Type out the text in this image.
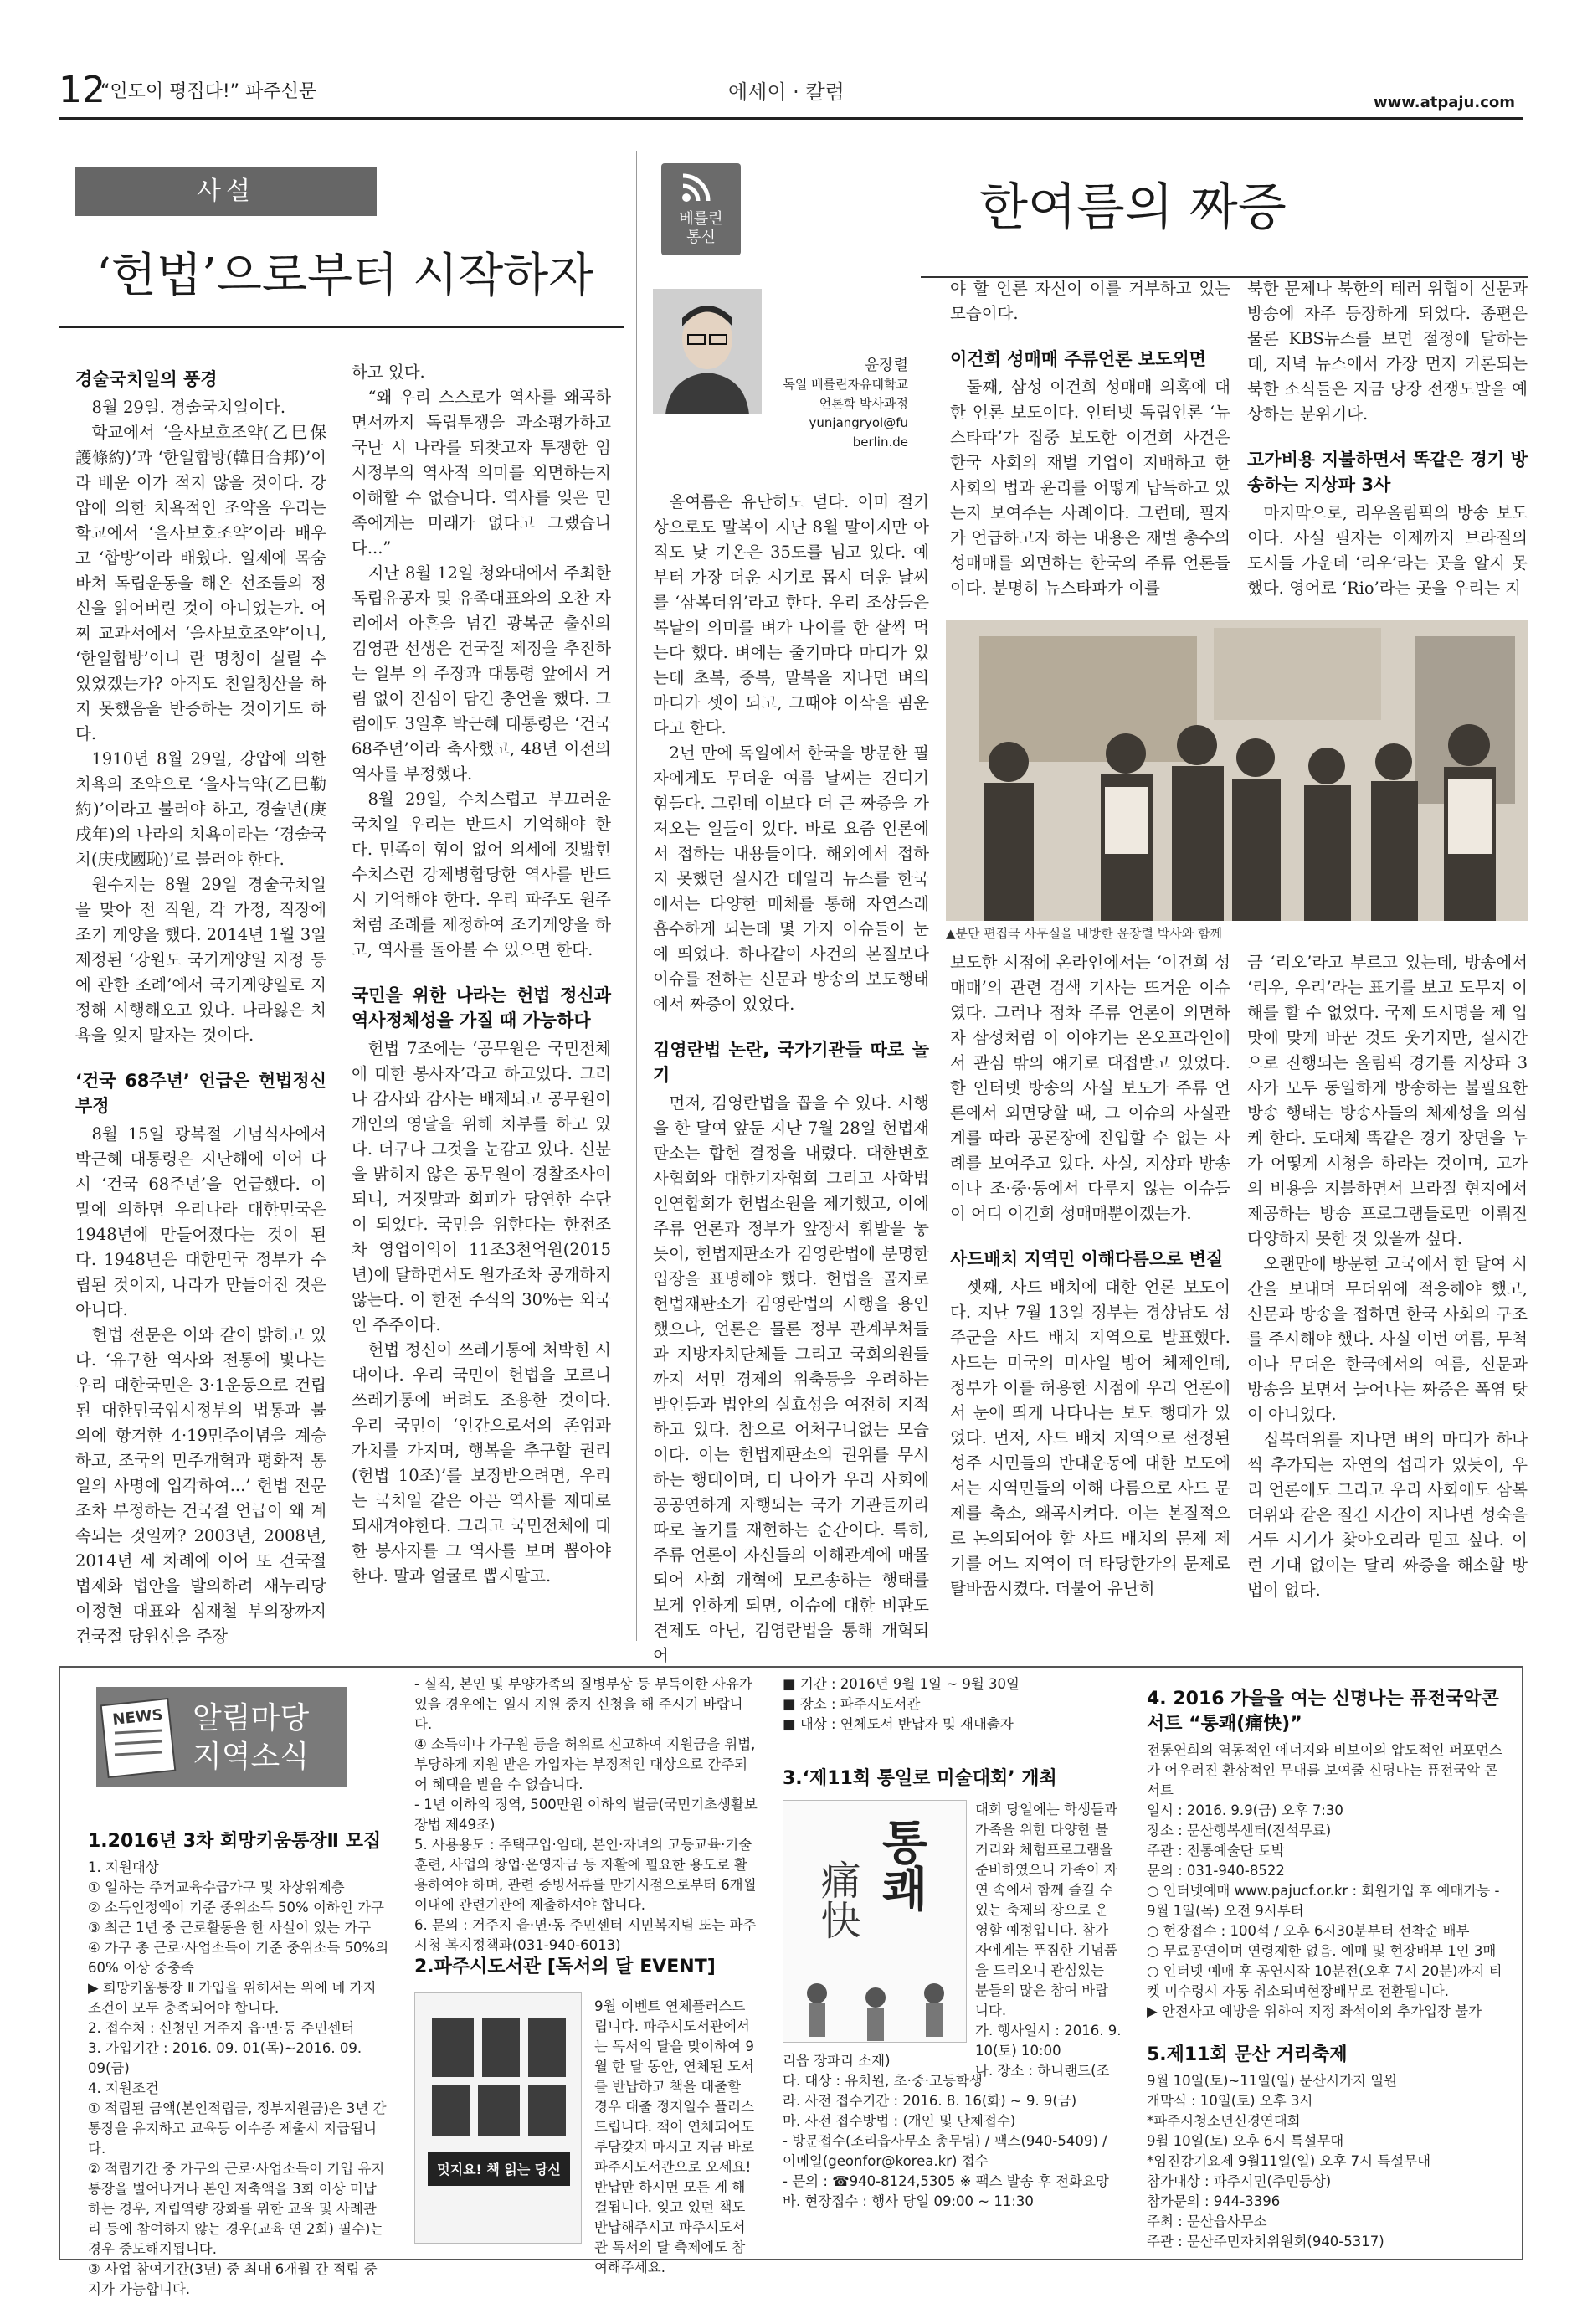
12
“인도이 평집다!” 파주신문	에세이 · 칼럼	www.atpaju.com
사설
‘헌법’으로부터 시작하자
경술국치일의 풍경

8월 29일. 경술국치일이다.

학교에서 ‘을사보호조약(乙巳保護條約)’과 ‘한일합방(韓日合邦)’이라 배운 이가 적지 않을 것이다. 강압에 의한 치욕적인 조약을 우리는 학교에서 ‘을사보호조약’이라 배우고 ‘합방’이라 배웠다. 일제에 목숨 바쳐 독립운동을 해온 선조들의 정신을 읽어버린 것이 아니었는가. 어찌 교과서에서 ‘을사보호조약’이니, ‘한일합방’이니 란 명칭이 실릴 수 있었겠는가? 아직도 친일청산을 하지 못했음을 반증하는 것이기도 하다.

1910년 8월 29일, 강압에 의한 치욕의 조약으로 ‘을사늑약(乙巳勒約)’이라고 불러야 하고, 경술년(庚戌年)의 나라의 치욕이라는 ‘경술국치(庚戌國恥)’로 불러야 한다.

원수지는 8월 29일 경술국치일을 맞아 전 직원, 각 가정, 직장에 조기 게양을 했다. 2014년 1월 3일 제정된 ‘강원도 국기게양일 지정 등에 관한 조례’에서 국기게양일로 지정해 시행해오고 있다. 나라잃은 치욕을 잊지 말자는 것이다.

‘건국 68주년’ 언급은 헌법정신 부정

8월 15일 광복절 기념식사에서 박근혜 대통령은 지난해에 이어 다시 ‘건국 68주년’을 언급했다. 이 말에 의하면 우리나라 대한민국은 1948년에 만들어졌다는 것이 된다. 1948년은 대한민국 정부가 수립된 것이지, 나라가 만들어진 것은 아니다.

헌법 전문은 이와 같이 밝히고 있다. ‘유구한 역사와 전통에 빛나는 우리 대한국민은 3·1운동으로 건립된 대한민국임시정부의 법통과 불의에 항거한 4·19민주이념을 계승하고, 조국의 민주개혁과 평화적 통일의 사명에 입각하여...’ 헌법 전문조차 부정하는 건국절 언급이 왜 계속되는 것일까? 2003년, 2008년, 2014년 세 차례에 이어 또 건국절 법제화 법안을 발의하려 새누리당 이정현 대표와 심재철 부의장까지 건국절 당원신을 주장

하고 있다.

“왜 우리 스스로가 역사를 왜곡하면서까지 독립투쟁을 과소평가하고 국난 시 나라를 되찾고자 투쟁한 임시정부의 역사적 의미를 외면하는지 이해할 수 없습니다. 역사를 잊은 민족에게는 미래가 없다고 그랬습니다...”

지난 8월 12일 청와대에서 주최한 독립유공자 및 유족대표와의 오찬 자리에서 아흔을 넘긴 광복군 출신의 김영관 선생은 건국절 제정을 추진하는 일부 의 주장과 대통령 앞에서 거림 없이 진심이 담긴 충언을 했다. 그럼에도 3일후 박근혜 대통령은 ‘건국 68주년’이라 축사했고, 48년 이전의 역사를 부정했다.

8월 29일, 수치스럽고 부끄러운 국치일 우리는 반드시 기억해야 한다. 민족이 힘이 없어 외세에 짓밟힌 수치스런 강제병합당한 역사를 반드시 기억해야 한다. 우리 파주도 원주처럼 조례를 제정하여 조기게양을 하고, 역사를 돌아볼 수 있으면 한다.

국민을 위한 나라는 헌법 정신과 역사정체성을 가질 때 가능하다

헌법 7조에는 ‘공무원은 국민전체에 대한 봉사자’라고 하고있다. 그러나 감사와 감사는 배제되고 공무원이 개인의 영달을 위해 치부를 하고 있다. 더구나 그것을 눈감고 있다. 신분을 밝히지 않은 공무원이 경찰조사이 되니, 거짓말과 회피가 당연한 수단이 되었다. 국민을 위한다는 한전조차 영업이익이 11조3천억원(2015년)에 달하면서도 원가조차 공개하지 않는다. 이 한전 주식의 30%는 외국인 주주이다.

헌법 정신이 쓰레기통에 처박힌 시대이다. 우리 국민이 헌법을 모르니 쓰레기통에 버려도 조용한 것이다. 우리 국민이 ‘인간으로서의 존엄과 가치를 가지며, 행복을 추구할 권리(헌법 10조)’를 보장받으려면, 우리는 국치일 같은 아픈 역사를 제대로 되새겨야한다. 그리고 국민전체에 대한 봉사자를 그 역사를 보며 뽑아야 한다. 말과 얼굴로 뽑지말고.

베를린
통신
한여름의 짜증
윤장렬
독일 베를린자유대학교
언론학 박사과정
yunjangryol@fu berlin.de

올여름은 유난히도 덛다. 이미 절기상으로도 말복이 지난 8월 말이지만 아직도 낮 기온은 35도를 넘고 있다. 예부터 가장 더운 시기로 몹시 더운 날씨를 ‘삼복더위’라고 한다. 우리 조상들은 복날의 의미를 벼가 나이를 한 살씩 먹는다 했다. 벼에는 줄기마다 마디가 있는데 초복, 중복, 말복을 지나면 벼의 마디가 셋이 되고, 그때야 이삭을 핌운다고 한다.

2년 만에 독일에서 한국을 방문한 필자에게도 무더운 여름 날씨는 견디기 힘들다. 그런데 이보다 더 큰 짜증을 가져오는 일들이 있다. 바로 요즘 언론에서 접하는 내용들이다. 해외에서 접하지 못했던 실시간 데일리 뉴스를 한국에서는 다양한 매체를 통해 자연스레 흡수하게 되는데 몇 가지 이슈들이 눈에 띄었다. 하나같이 사건의 본질보다 이슈를 전하는 신문과 방송의 보도행태에서 짜증이 있었다.

김영란법 논란, 국가기관들 따로 놀기

먼저, 김영란법을 꼽을 수 있다. 시행을 한 달여 앞둔 지난 7월 28일 헌법재판소는 합헌 결정을 내렸다. 대한변호사협회와 대한기자협회 그리고 사학법인연합회가 헌법소원을 제기했고, 이에 주류 언론과 정부가 앞장서 휘발을 놓듯이, 헌법재판소가 김영란법에 분명한 입장을 표명해야 했다. 헌법을 골자로 헌법재판소가 김영란법의 시행을 용인했으나, 언론은 물론 정부 관계부처들과 지방자치단체들 그리고 국회의원들까지 서민 경제의 위축등을 우려하는 발언들과 법안의 실효성을 여전히 지적하고 있다. 참으로 어처구니없는 모습이다. 이는 헌법재판소의 권위를 무시하는 행태이며, 더 나아가 우리 사회에 공공연하게 자행되는 국가 기관들끼리 따로 놀기를 재현하는 순간이다. 특히, 주류 언론이 자신들의 이해관계에 매몰되어 사회 개혁에 모르송하는 행태를 보게 인하게 되면, 이슈에 대한 비판도 견제도 아닌, 김영란법을 통해 개혁되어

야 할 언론 자신이 이를 거부하고 있는 모습이다.

이건희 성매매 주류언론 보도외면

둘째, 삼성 이건희 성매매 의혹에 대한 언론 보도이다. 인터넷 독립언론 ‘뉴스타파’가 집중 보도한 이건희 사건은 한국 사회의 재벌 기업이 지배하고 한 사회의 법과 윤리를 어떻게 납득하고 있는지 보여주는 사례이다. 그런데, 필자가 언급하고자 하는 내용은 재벌 총수의 성매매를 외면하는 한국의 주류 언론들이다. 분명히 뉴스타파가 이를

북한 문제나 북한의 테러 위협이 신문과 방송에 자주 등장하게 되었다. 종편은 물론 KBS뉴스를 보면 절정에 달하는데, 저녁 뉴스에서 가장 먼저 거론되는 북한 소식들은 지금 당장 전쟁도발을 예상하는 분위기다.

고가비용 지불하면서 똑같은 경기 방송하는 지상파 3사

마지막으로, 리우올림픽의 방송 보도이다. 사실 필자는 이제까지 브라질의 도시들 가운데 ‘리우’라는 곳을 알지 못했다. 영어로 ‘Rio’라는 곳을 우리는 지

▲분단 편집국 사무실을 내방한 윤장렬 박사와 함께

보도한 시점에 온라인에서는 ‘이건희 성매매’의 관련 검색 기사는 뜨거운 이슈였다. 그러나 점차 주류 언론이 외면하자 삼성처럼 이 이야기는 온오프라인에서 관심 밖의 얘기로 대접받고 있었다. 한 인터넷 방송의 사실 보도가 주류 언론에서 외면당할 때, 그 이슈의 사실관계를 따라 공론장에 진입할 수 없는 사례를 보여주고 있다. 사실, 지상파 방송이나 조·중·동에서 다루지 않는 이슈들이 어디 이건희 성매매뿐이겠는가.

사드배치 지역민 이해다름으로 변질

셋째, 사드 배치에 대한 언론 보도이다. 지난 7월 13일 정부는 경상남도 성주군을 사드 배치 지역으로 발표했다. 사드는 미국의 미사일 방어 체제인데, 정부가 이를 허용한 시점에 우리 언론에서 눈에 띄게 나타나는 보도 행태가 있었다. 먼저, 사드 배치 지역으로 선정된 성주 시민들의 반대운동에 대한 보도에서는 지역민들의 이해 다름으로 사드 문제를 축소, 왜곡시켜다. 이는 본질적으로 논의되어야 할 사드 배치의 문제 제기를 어느 지역이 더 타당한가의 문제로 탈바꿈시켰다. 더불어 유난히

금 ‘리오’라고 부르고 있는데, 방송에서 ‘리우, 우리’라는 표기를 보고 도무지 이해를 할 수 없었다. 국제 도시명을 제 입맛에 맞게 바꾼 것도 웃기지만, 실시간으로 진행되는 올림픽 경기를 지상파 3사가 모두 동일하게 방송하는 불필요한 방송 행태는 방송사들의 체제성을 의심케 한다. 도대체 똑같은 경기 장면을 누가 어떻게 시청을 하라는 것이며, 고가의 비용을 지불하면서 브라질 현지에서 제공하는 방송 프로그램들로만 이뤄진 다양하지 못한 것 있을까 싶다.

오랜만에 방문한 고국에서 한 달여 시간을 보내며 무더위에 적응해야 했고, 신문과 방송을 접하면 한국 사회의 구조를 주시해야 했다. 사실 이번 여름, 무척이나 무더운 한국에서의 여름, 신문과 방송을 보면서 늘어나는 짜증은 폭염 탓이 아니었다.

십복더위를 지나면 벼의 마디가 하나 씩 추가되는 자연의 섭리가 있듯이, 우리 언론에도 그리고 우리 사회에도 삼복더위와 같은 질긴 시간이 지나면 성숙을 거두 시기가 찾아오리라 믿고 싶다. 이런 기대 없이는 달리 짜증을 해소할 방법이 없다.

NEWS 알림마당
지역소식
1.2016년 3차 희망키움통장Ⅱ 모집
1. 지원대상
① 일하는 주거교육수급가구 및 차상위계층
② 소득인정액이 기준 중위소득 50% 이하인 가구
③ 최근 1년 중 근로활동을 한 사실이 있는 가구
④ 가구 총 근로·사업소득이 기준 중위소득 50%의 60% 이상 중충족
▶ 희망키움통장 Ⅱ 가입을 위해서는 위에 네 가지 조건이 모두 충족되어야 합니다.
2. 접수처 : 신청인 거주지 읍·면·동 주민센터
3. 가입기간 : 2016. 09. 01(목)~2016. 09. 09(금)
4. 지원조건
① 적립된 금액(본인적립금, 정부지원금)은 3년 간 통장을 유지하고 교육등 이수증 제출시 지급됩니다.
② 적립기간 중 가구의 근로·사업소득이 기입 유지 통장을 벌어나거나 본인 저축액을 3회 이상 미납하는 경우, 자립역량 강화를 위한 교육 및 사례관리 등에 참여하지 않는 경우(교육 연 2회) 필수)는 경우 중도해지됩니다.
③ 사업 참여기간(3년) 중 최대 6개월 간 적립 중지가 가능합니다.
- 실직, 본인 및 부양가족의 질병부상 등 부득이한 사유가 있을 경우에는 일시 지원 중지 신청을 해 주시기 바랍니다.
④ 소득이나 가구원 등을 허위로 신고하여 지원금을 위법, 부당하게 지원 받은 가입자는 부정적인 대상으로 간주되어 혜택을 받을 수 없습니다.
- 1년 이하의 징역, 500만원 이하의 벌금(국민기초생활보장법 제49조)
5. 사용용도 : 주택구입·임대, 본인·자녀의 고등교육·기술훈련, 사업의 창업·운영자금 등 자활에 필요한 용도로 활용하여야 하며, 관련 증빙서류를 만기시점으로부터 6개월 이내에 관련기관에 제출하셔야 합니다.
6. 문의 : 거주지 읍·면·동 주민센터 시민복지팀 또는 파주시청 복지정책과(031-940-6013)
2.파주시도서관 [독서의 달 EVENT]
멋지요! 책 읽는 당신
9월 이벤트 연체플러스드립니다. 파주시도서관에서는 독서의 달을 맞이하여 9월 한 달 동안, 연체된 도서를 반납하고 책을 대출할 경우 대출 정지일수 플러스드립니다. 책이 연체되어도 부담갖지 마시고 지금 바로 파주시도서관으로 오세요! 반납만 하시면 모든 게 해결됩니다. 잊고 있던 책도 반납해주시고 파주시도서관 독서의 달 축제에도 참여해주세요.
■ 기간 : 2016년 9월 1일 ~ 9월 30일
■ 장소 : 파주시도서관
■ 대상 : 연체도서 반납자 및 재대출자
3.‘제11회 통일로 미술대회’ 개최
통쾌
痛快
대회 당일에는 학생들과 가족을 위한 다양한 불거리와 체험프로그램을 준비하였으니 가족이 자연 속에서 함께 즐길 수 있는 축제의 장으로 운영할 예정입니다. 참가자에게는 푸짐한 기념품을 드리오니 관심있는 분들의 많은 참여 바랍니다.
가. 행사일시 : 2016. 9. 10(토) 10:00
나. 장소 : 하니랜드(조
리읍 장파리 소재)
다. 대상 : 유치원, 초·중·고등학생
라. 사전 접수기간 : 2016. 8. 16(화) ~ 9. 9(금)
마. 사전 접수방법 : (개인 및 단체접수)
- 방문접수(조리읍사무소 총무팀) / 팩스(940-5409) / 이메일(geonfor@korea.kr) 접수
- 문의 : ☎940-8124,5305 ※ 팩스 발송 후 전화요망
바. 현장접수 : 행사 당일 09:00 ~ 11:30
4. 2016 가을을 여는 신명나는 퓨전국악콘서트 “통쾌(痛快)”
전통연희의 역동적인 에너지와 비보이의 압도적인 퍼포먼스가 어우러진 환상적인 무대를 보여줄 신명나는 퓨전국악 콘서트
일시 : 2016. 9.9(금) 오후 7:30
장소 : 문산행복센터(전석무료)
주관 : 전통예술단 토박
문의 : 031-940-8522
○ 인터넷예매 www.pajucf.or.kr : 회원가입 후 예매가능 - 9월 1일(목) 오전 9시부터
○ 현장접수 : 100석 / 오후 6시30분부터 선착순 배부
○ 무료공연이며 연령제한 없음. 예매 및 현장배부 1인 3매
○ 인터넷 예매 후 공연시작 10분전(오후 7시 20분)까지 티켓 미수령시 자동 취소되며현장배부로 전환됩니다.
▶ 안전사고 예방을 위하여 지정 좌석이외 추가입장 불가
5.제11회 문산 거리축제
9월 10일(토)~11일(일) 문산시가지 일원
개막식 : 10일(토) 오후 3시
*파주시청소년신경연대회
9월 10일(토) 오후 6시 특설무대
*임진강기요제 9월11일(일) 오후 7시 특설무대
참가대상 : 파주시민(주민등상)
참가문의 : 944-3396
주최 : 문산읍사무소
주관 : 문산주민자치위원회(940-5317)
